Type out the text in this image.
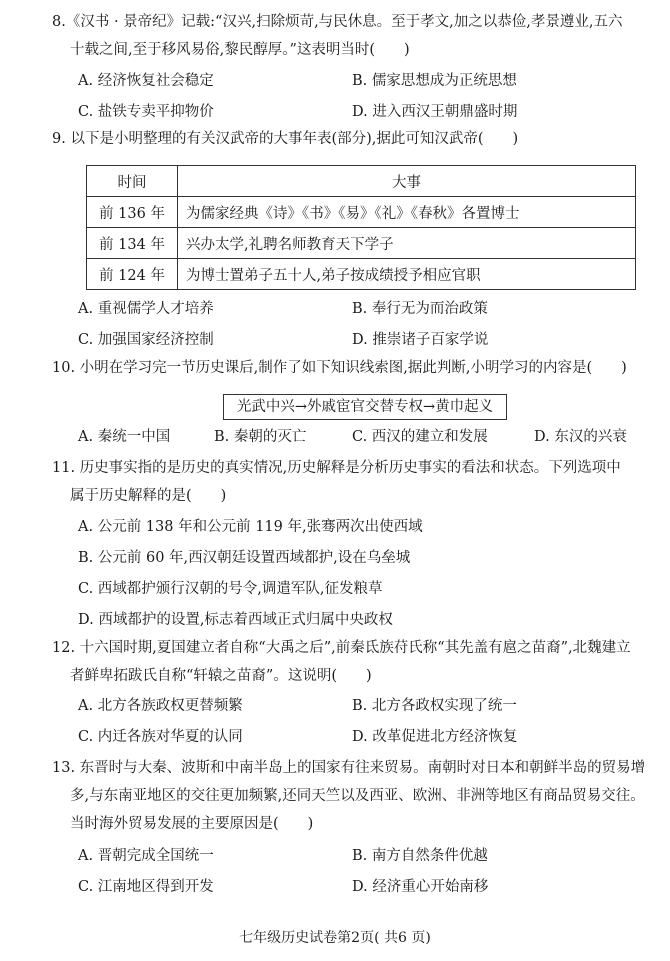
8.《汉书 · 景帝纪》记载:“汉兴,扫除烦苛,与民休息。至于孝文,加之以恭俭,孝景遵业,五六
十载之间,至于移风易俗,黎民醇厚。”这表明当时(　　)
A. 经济恢复社会稳定	B. 儒家思想成为正统思想
C. 盐铁专卖平抑物价	D. 进入西汉王朝鼎盛时期
9. 以下是小明整理的有关汉武帝的大事年表(部分),据此可知汉武帝(　　)
时间	大事
前 136 年	为儒家经典《诗》《书》《易》《礼》《春秋》各置博士
前 134 年	兴办太学,礼聘名师教育天下学子
前 124 年	为博士置弟子五十人,弟子按成绩授予相应官职
A. 重视儒学人才培养	B. 奉行无为而治政策
C. 加强国家经济控制	D. 推崇诸子百家学说
10. 小明在学习完一节历史课后,制作了如下知识线索图,据此判断,小明学习的内容是(　　)
光武中兴→外戚宦官交替专权→黄巾起义
A. 秦统一中国	B. 秦朝的灭亡	C. 西汉的建立和发展	D. 东汉的兴衰
11. 历史事实指的是历史的真实情况,历史解释是分析历史事实的看法和状态。下列选项中
属于历史解释的是(　　)
A. 公元前 138 年和公元前 119 年,张骞两次出使西域
B. 公元前 60 年,西汉朝廷设置西域都护,设在乌垒城
C. 西域都护颁行汉朝的号令,调遣军队,征发粮草
D. 西域都护的设置,标志着西域正式归属中央政权
12. 十六国时期,夏国建立者自称“大禹之后”,前秦氐族苻氏称“其先盖有扈之苗裔”,北魏建立
者鲜卑拓跋氏自称“轩辕之苗裔”。这说明(　　)
A. 北方各族政权更替频繁	B. 北方各政权实现了统一
C. 内迁各族对华夏的认同	D. 改革促进北方经济恢复
13. 东晋时与大秦、波斯和中南半岛上的国家有往来贸易。南朝时对日本和朝鲜半岛的贸易增
多,与东南亚地区的交往更加频繁,还同天竺以及西亚、欧洲、非洲等地区有商品贸易交往。
当时海外贸易发展的主要原因是(　　)
A. 晋朝完成全国统一	B. 南方自然条件优越
C. 江南地区得到开发	D. 经济重心开始南移
七年级历史试卷第2页( 共6 页)
